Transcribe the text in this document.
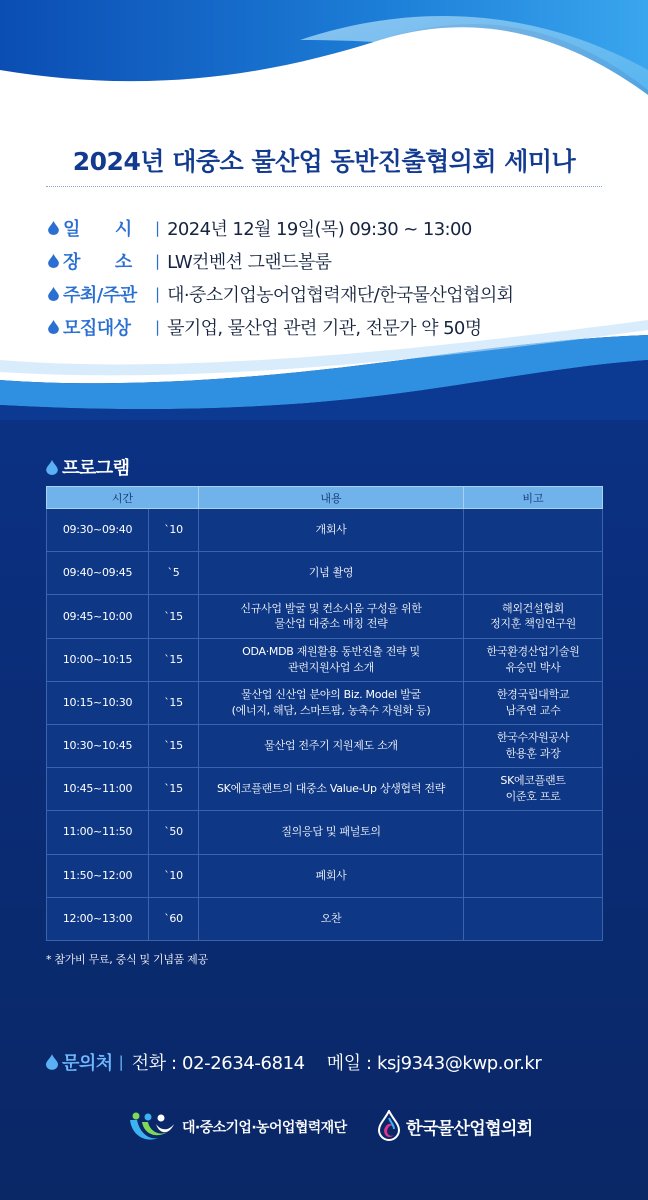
2024년 대중소 물산업 동반진출협의회 세미나
일　　시	| 2024년 12월 19일(목) 09:30 ~ 13:00
장　　소	| LW컨벤션 그랜드볼룸
주최/주관	| 대·중소기업농어업협력재단/한국물산업협의회
모집대상	| 물기업, 물산업 관련 기관, 전문가 약 50명
프로그램
시간		내용	비고
09:30~09:40	`10	개회사	

09:40~09:45	`5	기념 촬영	

09:45~10:00	`15	신규사업 발굴 및 컨소시움 구성을 위한
물산업 대중소 매칭 전략	해외건설협회
정지훈 책임연구원

10:00~10:15	`15	ODA·MDB 재원활용 동반진출 전략 및
관련지원사업 소개	한국환경산업기술원
유승민 박사

10:15~10:30	`15	물산업 신산업 분야의 Biz. Model 발굴
(에너지, 해담, 스마트팜, 농축수 자원화 등)	한경국립대학교
남주연 교수

10:30~10:45	`15	물산업 전주기 지원제도 소개	한국수자원공사
한용훈 과장

10:45~11:00	`15	SK에코플랜트의 대중소 Value-Up 상생협력 전략	SK에코플랜트
이준호 프로

11:00~11:50	`50	질의응답 및 패널토의	

11:50~12:00	`10	폐회사	

12:00~13:00	`60	오찬	

* 참가비 무료, 중식 및 기념품 제공
문의처 | 전화 : 02-2634-6814 메일 : ksj9343@kwp.or.kr
대·중소기업·농어업협력재단	한국물산업협의회
